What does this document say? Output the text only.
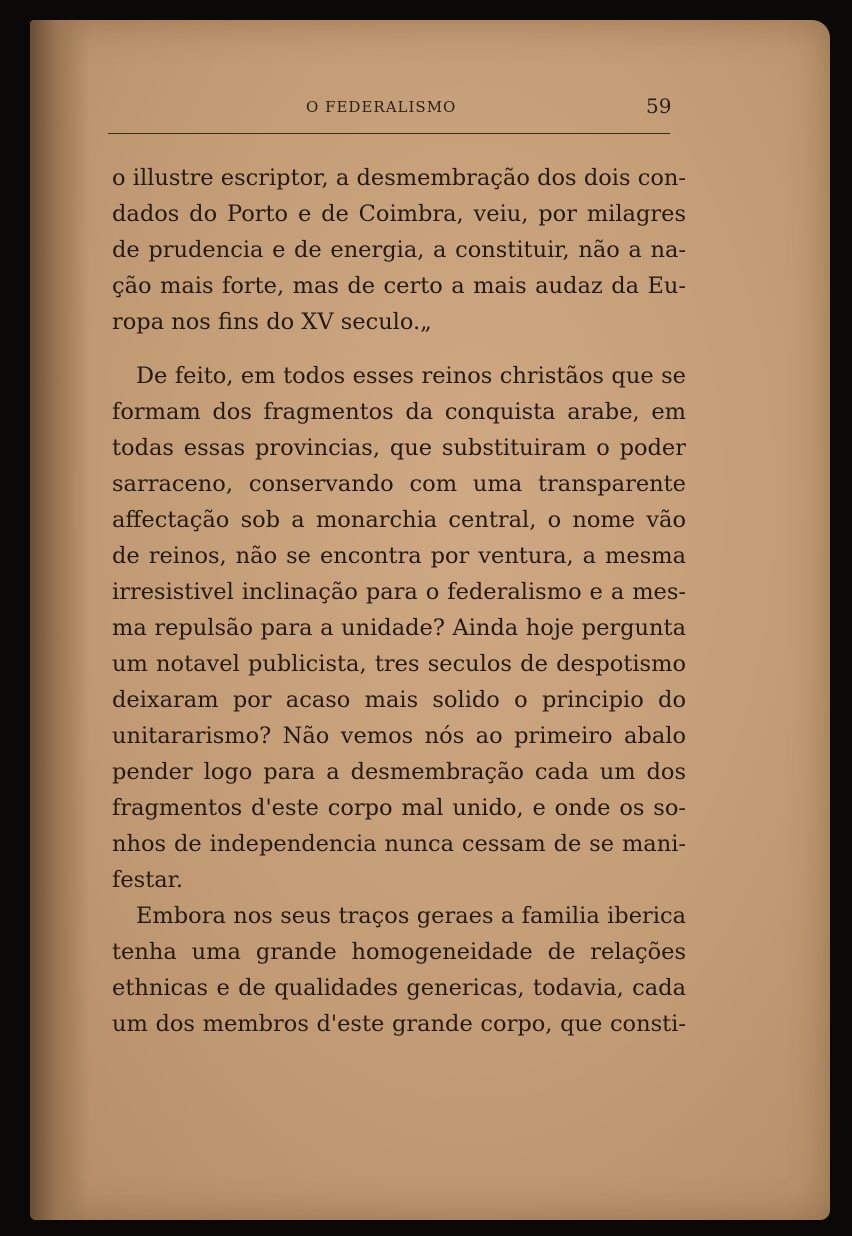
O FEDERALISMO	59
o illustre escriptor, a desmembração dos dois con-
dados do Porto e de Coimbra, veiu, por milagres
de prudencia e de energia, a constituir, não a na-
ção mais forte, mas de certo a mais audaz da Eu-
ropa nos fins do XV seculo.„
De feito, em todos esses reinos christãos que se
formam dos fragmentos da conquista arabe, em
todas essas provincias, que substituiram o poder
sarraceno, conservando com uma transparente
affectação sob a monarchia central, o nome vão
de reinos, não se encontra por ventura, a mesma
irresistivel inclinação para o federalismo e a mes-
ma repulsão para a unidade? Ainda hoje pergunta
um notavel publicista, tres seculos de despotismo
deixaram por acaso mais solido o principio do
unitararismo? Não vemos nós ao primeiro abalo
pender logo para a desmembração cada um dos
fragmentos d'este corpo mal unido, e onde os so-
nhos de independencia nunca cessam de se mani-
festar.
Embora nos seus traços geraes a familia iberica
tenha uma grande homogeneidade de relações
ethnicas e de qualidades genericas, todavia, cada
um dos membros d'este grande corpo, que consti-
